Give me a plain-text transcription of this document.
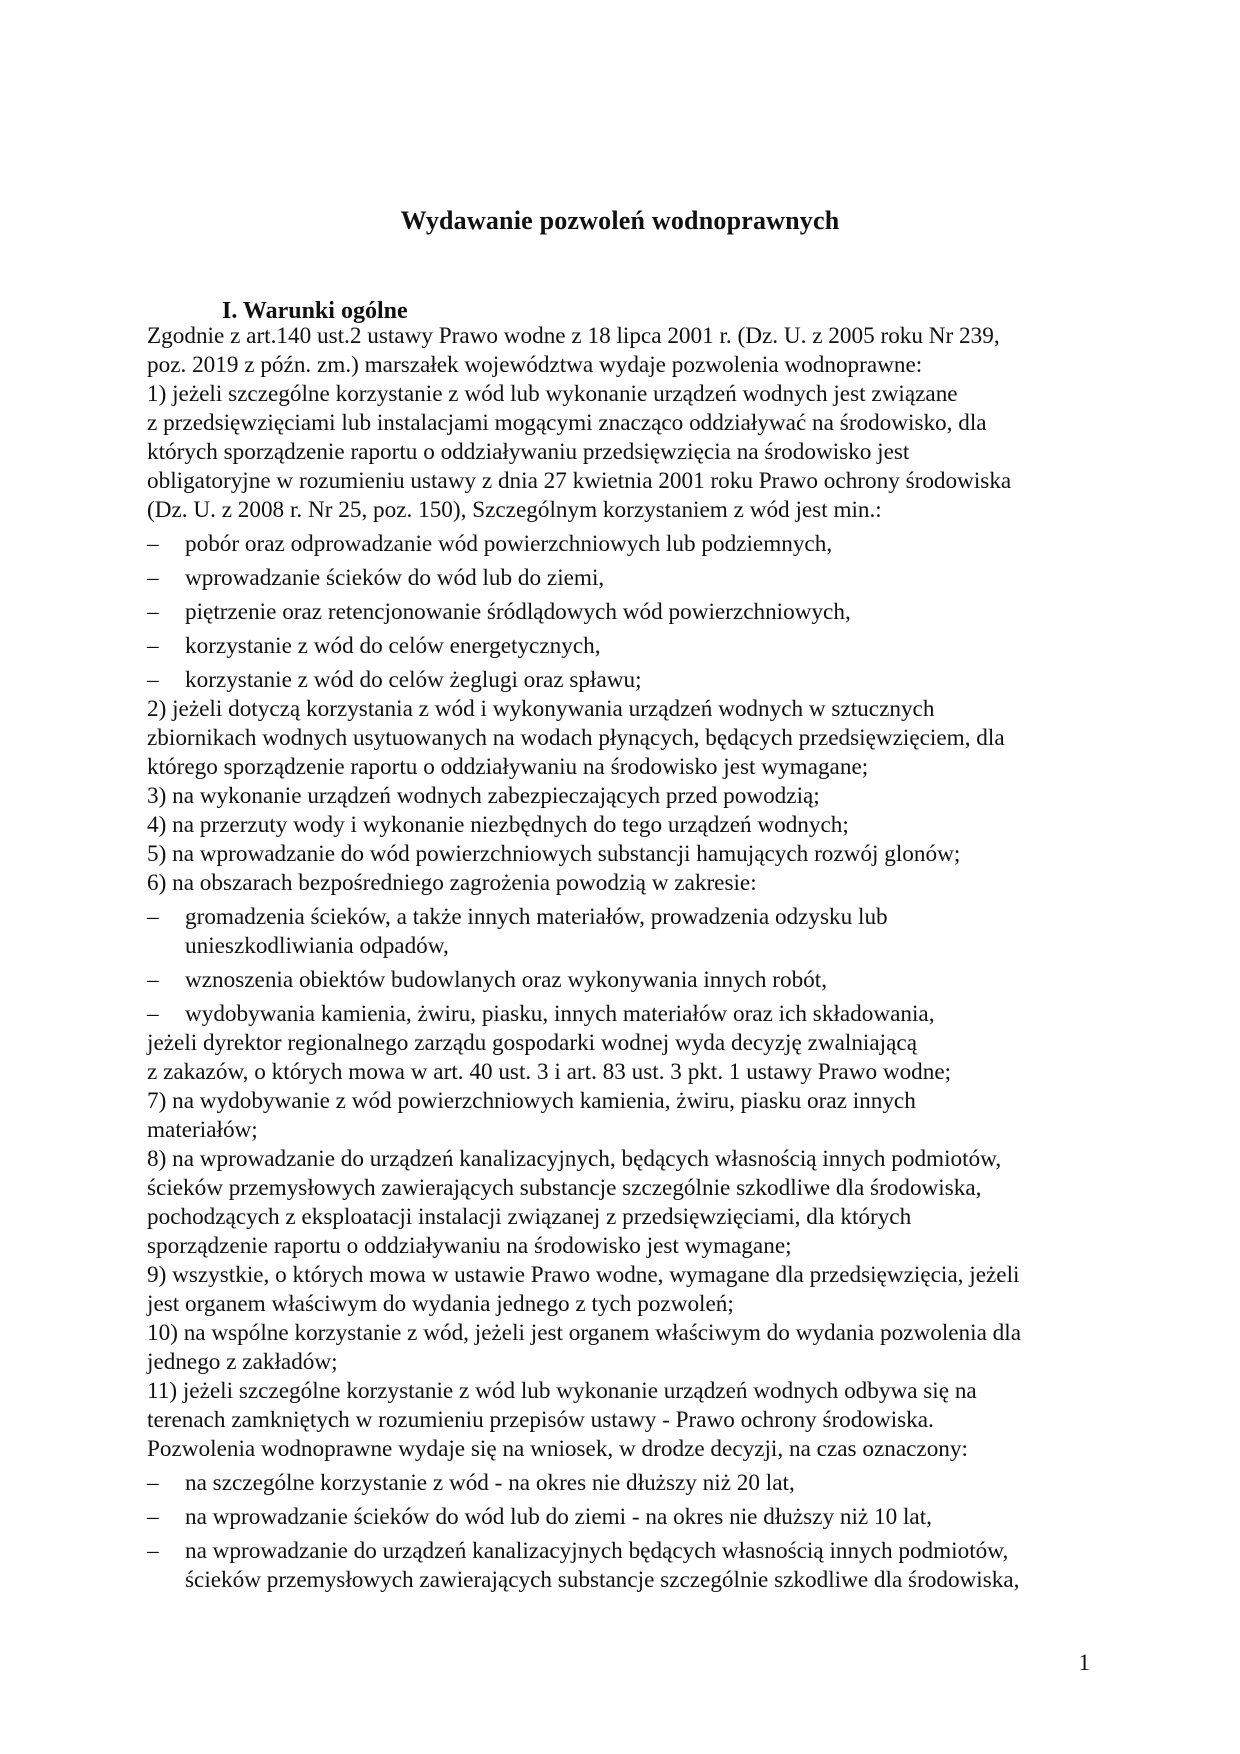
Wydawanie pozwoleń wodnoprawnych
I. Warunki ogólne

Zgodnie z art.140 ust.2 ustawy Prawo wodne z 18 lipca 2001 r. (Dz. U. z 2005 roku Nr 239,

poz. 2019 z późn. zm.) marszałek województwa wydaje pozwolenia wodnoprawne:

1) jeżeli szczególne korzystanie z wód lub wykonanie urządzeń wodnych jest związane

z przedsięwzięciami lub instalacjami mogącymi znacząco oddziaływać na środowisko, dla

których sporządzenie raportu o oddziaływaniu przedsięwzięcia na środowisko jest

obligatoryjne w rozumieniu ustawy z dnia 27 kwietnia 2001 roku Prawo ochrony środowiska

(Dz. U. z 2008 r. Nr 25, poz. 150), Szczególnym korzystaniem z wód jest min.:

– pobór oraz odprowadzanie wód powierzchniowych lub podziemnych,
– wprowadzanie ścieków do wód lub do ziemi,
– piętrzenie oraz retencjonowanie śródlądowych wód powierzchniowych,
– korzystanie z wód do celów energetycznych,
– korzystanie z wód do celów żeglugi oraz spławu;

2) jeżeli dotyczą korzystania z wód i wykonywania urządzeń wodnych w sztucznych

zbiornikach wodnych usytuowanych na wodach płynących, będących przedsięwzięciem, dla

którego sporządzenie raportu o oddziaływaniu na środowisko jest wymagane;

3) na wykonanie urządzeń wodnych zabezpieczających przed powodzią;

4) na przerzuty wody i wykonanie niezbędnych do tego urządzeń wodnych;

5) na wprowadzanie do wód powierzchniowych substancji hamujących rozwój glonów;

6) na obszarach bezpośredniego zagrożenia powodzią w zakresie:

– gromadzenia ścieków, a także innych materiałów, prowadzenia odzysku lub
unieszkodliwiania odpadów,
– wznoszenia obiektów budowlanych oraz wykonywania innych robót,
– wydobywania kamienia, żwiru, piasku, innych materiałów oraz ich składowania,

jeżeli dyrektor regionalnego zarządu gospodarki wodnej wyda decyzję zwalniającą

z zakazów, o których mowa w art. 40 ust. 3 i art. 83 ust. 3 pkt. 1 ustawy Prawo wodne;

7) na wydobywanie z wód powierzchniowych kamienia, żwiru, piasku oraz innych

materiałów;

8) na wprowadzanie do urządzeń kanalizacyjnych, będących własnością innych podmiotów,

ścieków przemysłowych zawierających substancje szczególnie szkodliwe dla środowiska,

pochodzących z eksploatacji instalacji związanej z przedsięwzięciami, dla których

sporządzenie raportu o oddziaływaniu na środowisko jest wymagane;

9) wszystkie, o których mowa w ustawie Prawo wodne, wymagane dla przedsięwzięcia, jeżeli

jest organem właściwym do wydania jednego z tych pozwoleń;

10) na wspólne korzystanie z wód, jeżeli jest organem właściwym do wydania pozwolenia dla

jednego z zakładów;

11) jeżeli szczególne korzystanie z wód lub wykonanie urządzeń wodnych odbywa się na

terenach zamkniętych w rozumieniu przepisów ustawy - Prawo ochrony środowiska.

Pozwolenia wodnoprawne wydaje się na wniosek, w drodze decyzji, na czas oznaczony:

– na szczególne korzystanie z wód - na okres nie dłuższy niż 20 lat,
– na wprowadzanie ścieków do wód lub do ziemi - na okres nie dłuższy niż 10 lat,
– na wprowadzanie do urządzeń kanalizacyjnych będących własnością innych podmiotów,
ścieków przemysłowych zawierających substancje szczególnie szkodliwe dla środowiska,
1
